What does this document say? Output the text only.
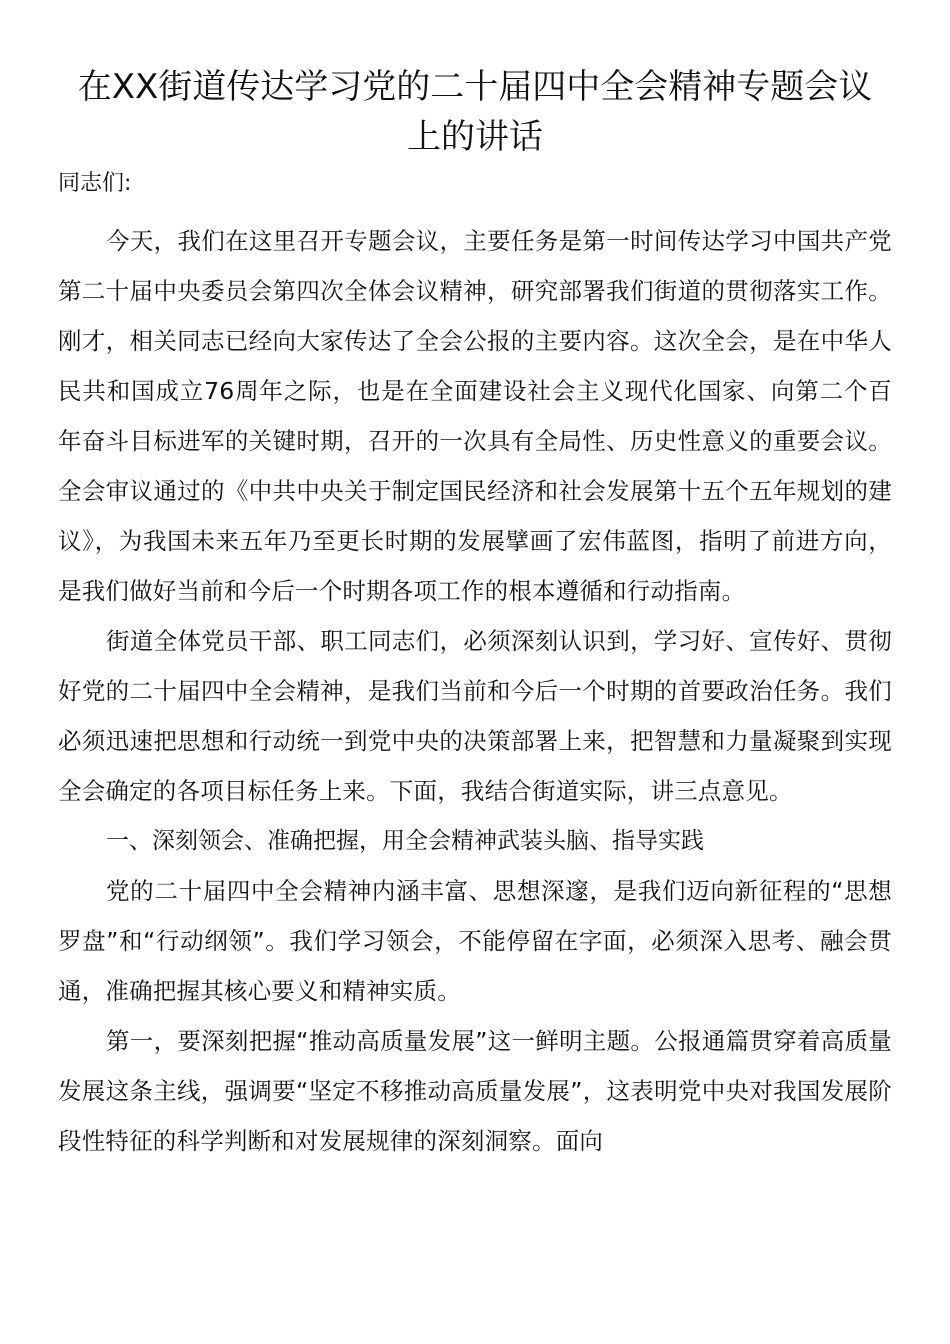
在XX街道传达学习党的二十届四中全会精神专题会议
上的讲话

同志们:

今天，我们在这里召开专题会议，主要任务是第一时间传达学习中国共产党第二十届中央委员会第四次全体会议精神，研究部署我们街道的贯彻落实工作。刚才，相关同志已经向大家传达了全会公报的主要内容。这次全会，是在中华人民共和国成立76周年之际，也是在全面建设社会主义现代化国家、向第二个百年奋斗目标进军的关键时期，召开的一次具有全局性、历史性意义的重要会议。全会审议通过的《中共中央关于制定国民经济和社会发展第十五个五年规划的建议》，为我国未来五年乃至更长时期的发展擘画了宏伟蓝图，指明了前进方向，是我们做好当前和今后一个时期各项工作的根本遵循和行动指南。

街道全体党员干部、职工同志们，必须深刻认识到，学习好、宣传好、贯彻好党的二十届四中全会精神，是我们当前和今后一个时期的首要政治任务。我们必须迅速把思想和行动统一到党中央的决策部署上来，把智慧和力量凝聚到实现全会确定的各项目标任务上来。下面，我结合街道实际，讲三点意见。

一、深刻领会、准确把握，用全会精神武装头脑、指导实践

党的二十届四中全会精神内涵丰富、思想深邃，是我们迈向新征程的“思想罗盘”和“行动纲领”。我们学习领会，不能停留在字面，必须深入思考、融会贯通，准确把握其核心要义和精神实质。

第一，要深刻把握“推动高质量发展”这一鲜明主题。公报通篇贯穿着高质量发展这条主线，强调要“坚定不移推动高质量发展”，这表明党中央对我国发展阶段性特征的科学判断和对发展规律的深刻洞察。面向
